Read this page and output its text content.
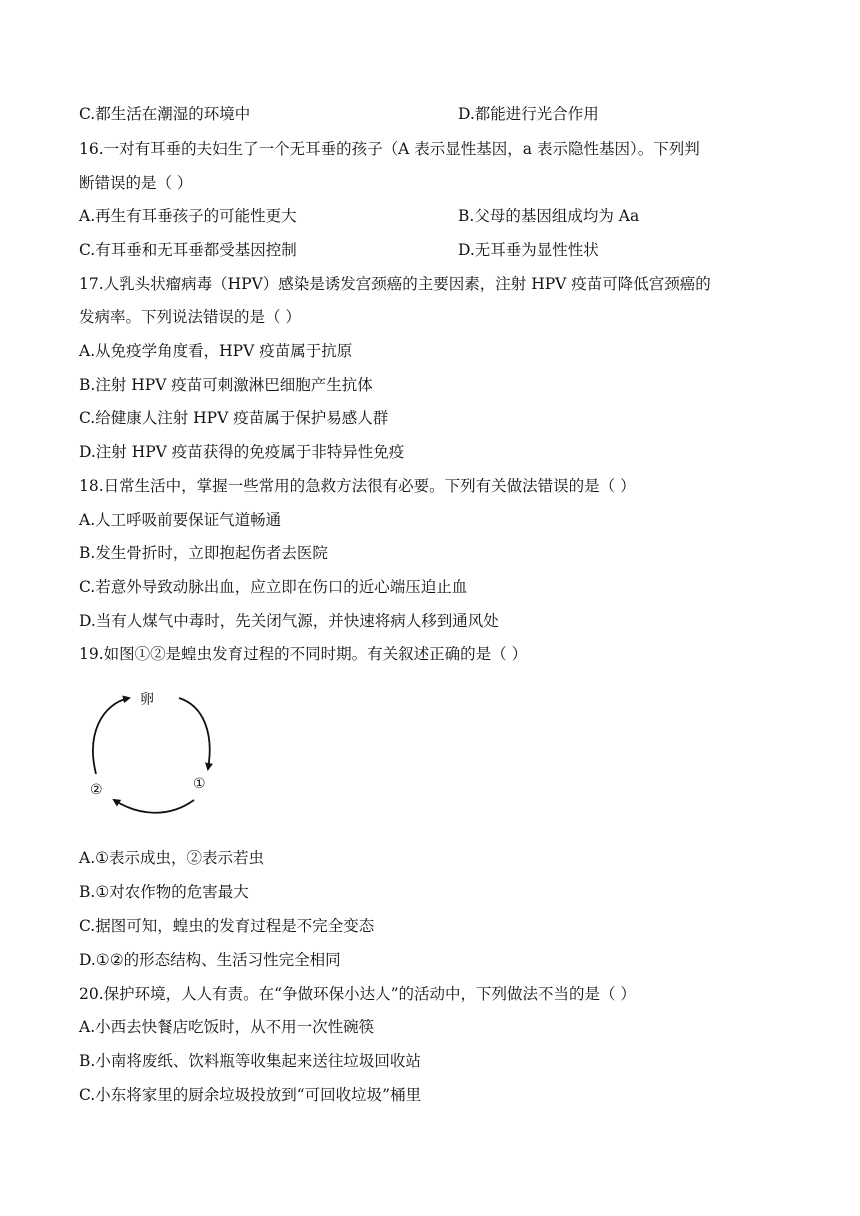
C.都生活在潮湿的环境中	D.都能进行光合作用
16.一对有耳垂的夫妇生了一个无耳垂的孩子（A 表示显性基因，a 表示隐性基因）。下列判
断错误的是（ ）
A.再生有耳垂孩子的可能性更大	B.父母的基因组成均为 Aa
C.有耳垂和无耳垂都受基因控制	D.无耳垂为显性性状
17.人乳头状瘤病毒（HPV）感染是诱发宫颈癌的主要因素，注射 HPV 疫苗可降低宫颈癌的
发病率。下列说法错误的是（ ）
A.从免疫学角度看，HPV 疫苗属于抗原
B.注射 HPV 疫苗可刺激淋巴细胞产生抗体
C.给健康人注射 HPV 疫苗属于保护易感人群
D.注射 HPV 疫苗获得的免疫属于非特异性免疫
18.日常生活中，掌握一些常用的急救方法很有必要。下列有关做法错误的是（ ）
A.人工呼吸前要保证气道畅通
B.发生骨折时，立即抱起伤者去医院
C.若意外导致动脉出血，应立即在伤口的近心端压迫止血
D.当有人煤气中毒时，先关闭气源，并快速将病人移到通风处
19.如图①②是蝗虫发育过程的不同时期。有关叙述正确的是（ ）
卵
①
②
A.①表示成虫，②表示若虫
B.①对农作物的危害最大
C.据图可知，蝗虫的发育过程是不完全变态
D.①②的形态结构、生活习性完全相同
20.保护环境，人人有责。在“争做环保小达人”的活动中，下列做法不当的是（ ）
A.小西去快餐店吃饭时，从不用一次性碗筷
B.小南将废纸、饮料瓶等收集起来送往垃圾回收站
C.小东将家里的厨余垃圾投放到“可回收垃圾”桶里
